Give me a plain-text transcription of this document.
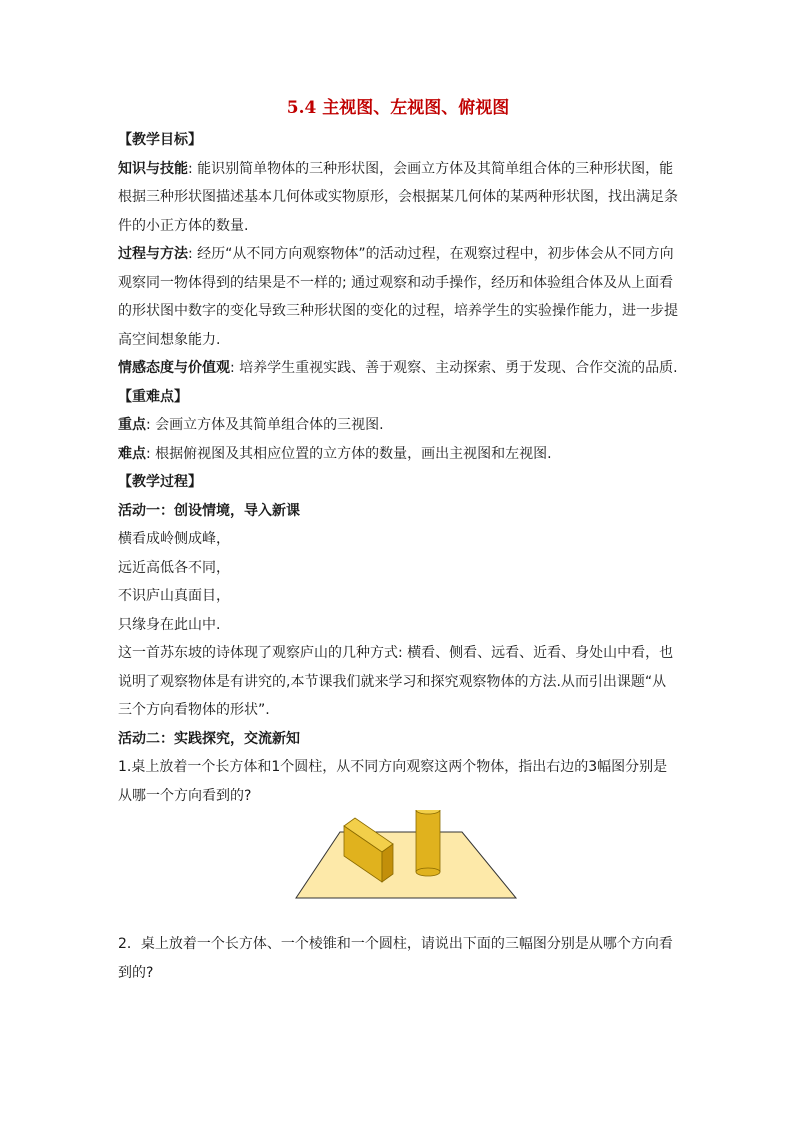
5.4 主视图、左视图、俯视图

【教学目标】

知识与技能: 能识别简单物体的三种形状图，会画立方体及其简单组合体的三种形状图，能根据三种形状图描述基本几何体或实物原形，会根据某几何体的某两种形状图，找出满足条件的小正方体的数量.

过程与方法: 经历“从不同方向观察物体”的活动过程，在观察过程中，初步体会从不同方向观察同一物体得到的结果是不一样的; 通过观察和动手操作，经历和体验组合体及从上面看的形状图中数字的变化导致三种形状图的变化的过程，培养学生的实验操作能力，进一步提高空间想象能力.

情感态度与价值观: 培养学生重视实践、善于观察、主动探索、勇于发现、合作交流的品质.

【重难点】

重点: 会画立方体及其简单组合体的三视图.

难点: 根据俯视图及其相应位置的立方体的数量，画出主视图和左视图.

【教学过程】

活动一：创设情境，导入新课

横看成岭侧成峰，

远近高低各不同，

不识庐山真面目，

只缘身在此山中.

这一首苏东坡的诗体现了观察庐山的几种方式: 横看、侧看、远看、近看、身处山中看，也说明了观察物体是有讲究的,本节课我们就来学习和探究观察物体的方法.从而引出课题“从三个方向看物体的形状”.

活动二：实践探究，交流新知

1.桌上放着一个长方体和1个圆柱，从不同方向观察这两个物体，指出右边的3幅图分别是从哪一个方向看到的?

2．桌上放着一个长方体、一个棱锥和一个圆柱，请说出下面的三幅图分别是从哪个方向看到的?
